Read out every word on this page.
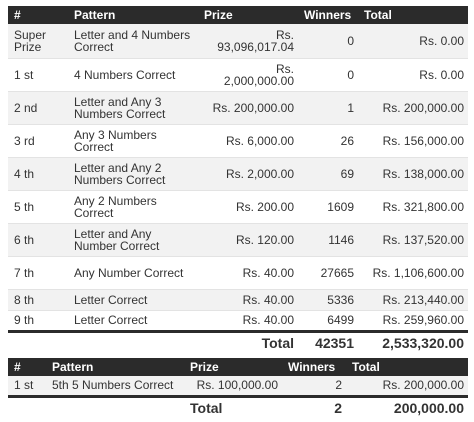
#	Pattern	Prize	Winners	Total
Super Prize	Letter and 4 Numbers Correct	Rs. 93,096,017.04	0	Rs. 0.00
1 st	4 Numbers Correct	Rs. 2,000,000.00	0	Rs. 0.00
2 nd	Letter and Any 3 Numbers Correct	Rs. 200,000.00	1	Rs. 200,000.00
3 rd	Any 3 Numbers Correct	Rs. 6,000.00	26	Rs. 156,000.00
4 th	Letter and Any 2 Numbers Correct	Rs. 2,000.00	69	Rs. 138,000.00
5 th	Any 2 Numbers Correct	Rs. 200.00	1609	Rs. 321,800.00
6 th	Letter and Any Number Correct	Rs. 120.00	1146	Rs. 137,520.00
7 th	Any Number Correct	Rs. 40.00	27665	Rs. 1,106,600.00
8 th	Letter Correct	Rs. 40.00	5336	Rs. 213,440.00
9 th	Letter Correct	Rs. 40.00	6499	Rs. 259,960.00
		Total	42351	2,533,320.00
#	Pattern	Prize	Winners	Total
1 st	5th 5 Numbers Correct	Rs. 100,000.00	2	Rs. 200,000.00
		Total	2	200,000.00
